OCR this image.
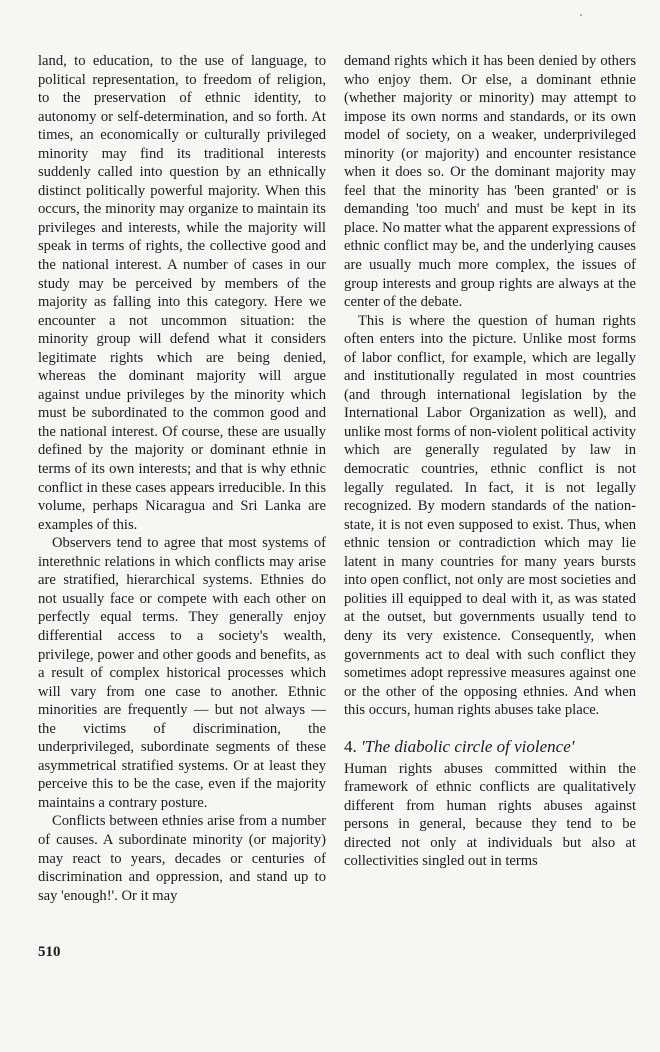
land, to education, to the use of language, to political representation, to freedom of religion, to the preservation of ethnic identity, to autonomy or self-determination, and so forth. At times, an economically or culturally privileged minority may find its traditional interests suddenly called into question by an ethnically distinct politically powerful majority. When this occurs, the minority may organize to maintain its privileges and interests, while the majority will speak in terms of rights, the collective good and the national interest. A number of cases in our study may be perceived by members of the majority as falling into this category. Here we encounter a not uncommon situation: the minority group will defend what it considers legitimate rights which are being denied, whereas the dominant majority will argue against undue privileges by the minority which must be subordinated to the common good and the national interest. Of course, these are usually defined by the majority or dominant ethnie in terms of its own interests; and that is why ethnic conflict in these cases appears irreducible. In this volume, perhaps Nicaragua and Sri Lanka are examples of this.

Observers tend to agree that most systems of interethnic relations in which conflicts may arise are stratified, hierarchical systems. Ethnies do not usually face or compete with each other on perfectly equal terms. They generally enjoy differential access to a society's wealth, privilege, power and other goods and benefits, as a result of complex historical processes which will vary from one case to another. Ethnic minorities are frequently — but not always — the victims of discrimination, the underprivileged, subordinate segments of these asymmetrical stratified systems. Or at least they perceive this to be the case, even if the majority maintains a contrary posture.

Conflicts between ethnies arise from a number of causes. A subordinate minority (or majority) may react to years, decades or centuries of discrimination and oppression, and stand up to say 'enough!'. Or it may

demand rights which it has been denied by others who enjoy them. Or else, a dominant ethnie (whether majority or minority) may attempt to impose its own norms and standards, or its own model of society, on a weaker, underprivileged minority (or majority) and encounter resistance when it does so. Or the dominant majority may feel that the minority has 'been granted' or is demanding 'too much' and must be kept in its place. No matter what the apparent expressions of ethnic conflict may be, and the underlying causes are usually much more complex, the issues of group interests and group rights are always at the center of the debate.

This is where the question of human rights often enters into the picture. Unlike most forms of labor conflict, for example, which are legally and institutionally regulated in most countries (and through international legislation by the International Labor Organization as well), and unlike most forms of non-violent political activity which are generally regulated by law in democratic countries, ethnic conflict is not legally regulated. In fact, it is not legally recognized. By modern standards of the nation-state, it is not even supposed to exist. Thus, when ethnic tension or contradiction which may lie latent in many countries for many years bursts into open conflict, not only are most societies and polities ill equipped to deal with it, as was stated at the outset, but governments usually tend to deny its very existence. Consequently, when governments act to deal with such conflict they sometimes adopt repressive measures against one or the other of the opposing ethnies. And when this occurs, human rights abuses take place.

4. 'The diabolic circle of violence'

Human rights abuses committed within the framework of ethnic conflicts are qualitatively different from human rights abuses against persons in general, because they tend to be directed not only at individuals but also at collectivities singled out in terms

510
